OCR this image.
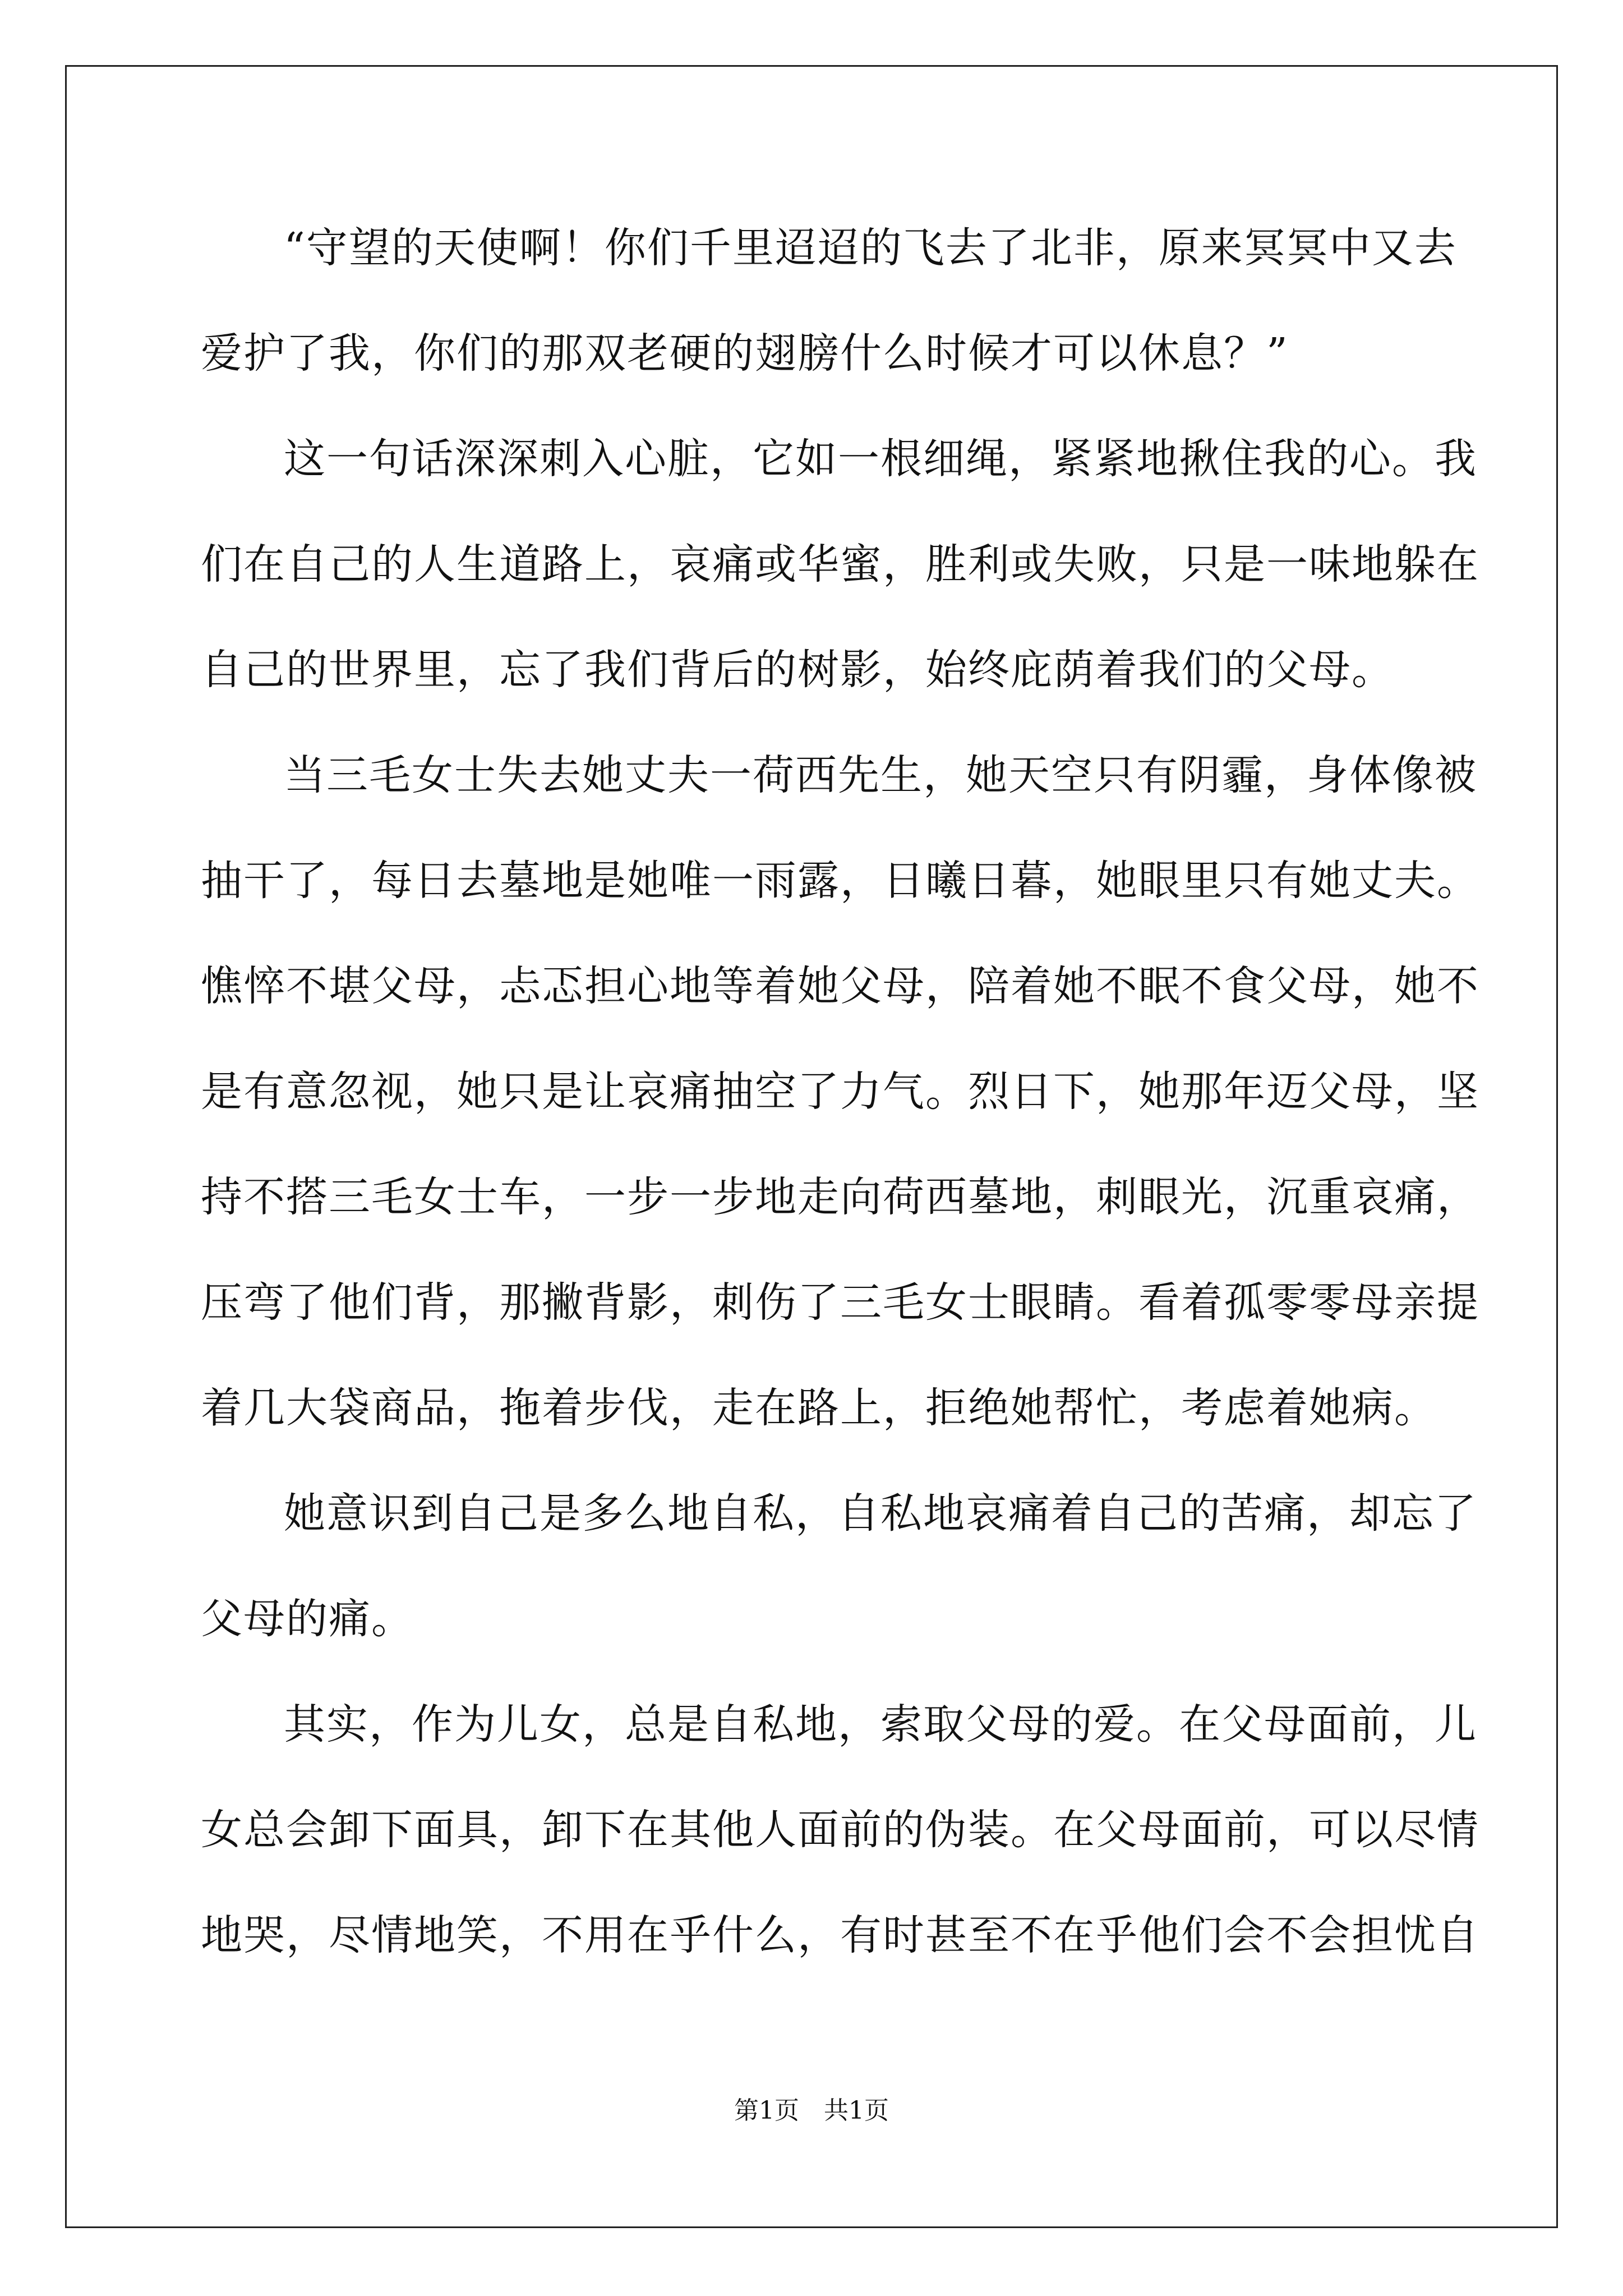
“守望的天使啊！你们千里迢迢的飞去了北非，原来冥冥中又去
爱护了我，你们的那双老硬的翅膀什么时候才可以休息？”
这一句话深深刺入心脏，它如一根细绳，紧紧地揪住我的心。我
们在自己的人生道路上，哀痛或华蜜，胜利或失败，只是一味地躲在
自己的世界里，忘了我们背后的树影，始终庇荫着我们的父母。
当三毛女士失去她丈夫一荷西先生，她天空只有阴霾，身体像被
抽干了，每日去墓地是她唯一雨露，日曦日暮，她眼里只有她丈夫。
憔悴不堪父母，忐忑担心地等着她父母，陪着她不眠不食父母，她不
是有意忽视，她只是让哀痛抽空了力气。烈日下，她那年迈父母，坚
持不搭三毛女士车，一步一步地走向荷西墓地，刺眼光，沉重哀痛，
压弯了他们背，那撇背影，刺伤了三毛女士眼睛。看着孤零零母亲提
着几大袋商品，拖着步伐，走在路上，拒绝她帮忙，考虑着她病。
她意识到自己是多么地自私，自私地哀痛着自己的苦痛，却忘了
父母的痛。
其实，作为儿女，总是自私地，索取父母的爱。在父母面前，儿
女总会卸下面具，卸下在其他人面前的伪装。在父母面前，可以尽情
地哭，尽情地笑，不用在乎什么，有时甚至不在乎他们会不会担忧自
第1页　共1页
